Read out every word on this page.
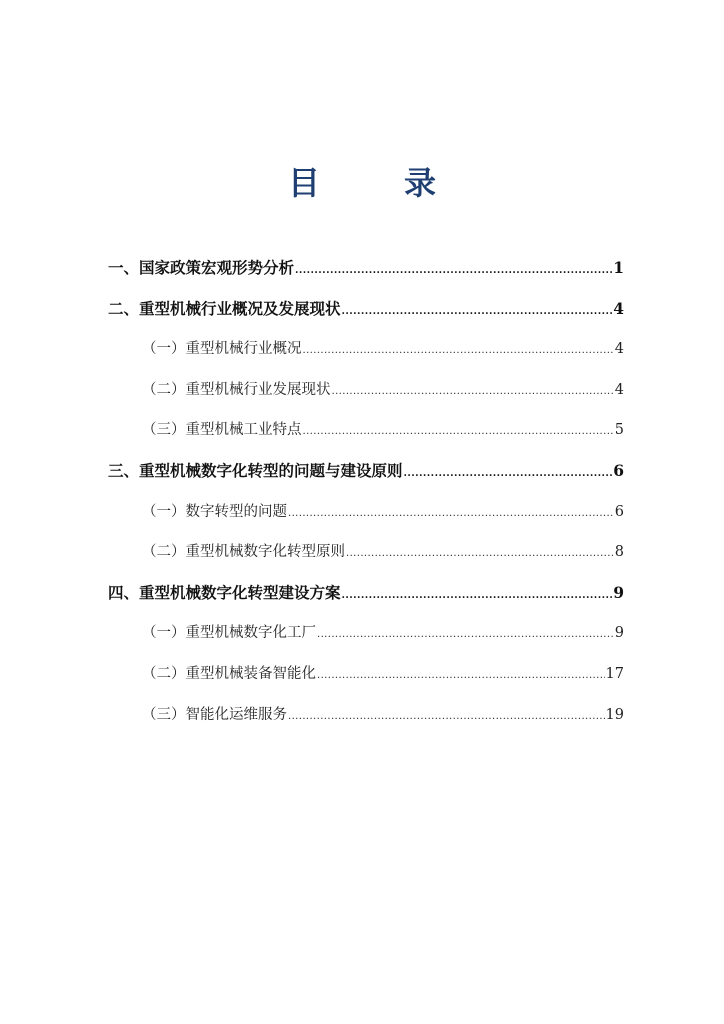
目　录
一、国家政策宏观形势分析 .....	1
二、重型机械行业概况及发展现状 .....	4
（一）重型机械行业概况 .....	4
（二）重型机械行业发展现状 .....	4
（三）重型机械工业特点 .....	5
三、重型机械数字化转型的问题与建设原则 .....	6
（一）数字转型的问题 .....	6
（二）重型机械数字化转型原则 .....	8
四、重型机械数字化转型建设方案 .....	9
（一）重型机械数字化工厂 .....	9
（二）重型机械装备智能化 .....	17
（三）智能化运维服务 .....	19
